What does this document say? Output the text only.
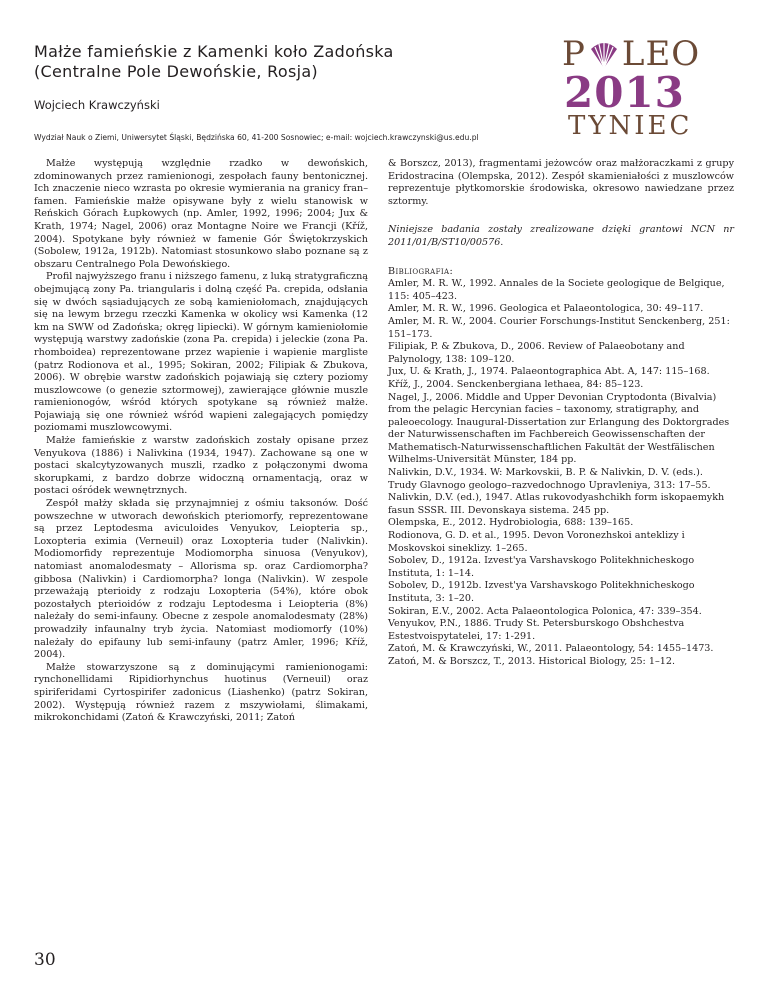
Małże famieńskie z Kamenki koło Zadońska
(Centralne Pole Dewońskie, Rosja)
Wojciech Krawczyński
Wydział Nauk o Ziemi, Uniwersytet Śląski, Będzińska 60, 41-200 Sosnowiec; e-mail: wojciech.krawczynski@us.edu.pl
P LEO
2013
TYNIEC

Małże występują względnie rzadko w dewońskich, zdominowanych przez ramienionogi, zespołach fauny bentonicznej. Ich znaczenie nieco wzrasta po okresie wymierania na granicy fran–famen. Famieńskie małże opisywane były z wielu stanowisk w Reńskich Górach Łupkowych (np. Amler, 1992, 1996; 2004; Jux & Krath, 1974; Nagel, 2006) oraz Montagne Noire we Francji (Kříž, 2004). Spotykane były również w famenie Gór Świętokrzyskich (Sobolew, 1912a, 1912b). Natomiast stosunkowo słabo poznane są z obszaru Centralnego Pola Dewońskiego.

Profil najwyższego franu i niższego famenu, z luką stratygraficzną obejmującą zony Pa. triangularis i dolną część Pa. crepida, odsłania się w dwóch sąsiadujących ze sobą kamieniołomach, znajdujących się na lewym brzegu rzeczki Kamenka w okolicy wsi Kamenka (12 km na SWW od Zadońska; okręg lipiecki). W górnym kamieniołomie występują warstwy zadońskie (zona Pa. crepida) i jeleckie (zona Pa. rhomboidea) reprezentowane przez wapienie i wapienie margliste (patrz Rodionova et al., 1995; Sokiran, 2002; Filipiak & Zbukova, 2006). W obrębie warstw zadońskich pojawiają się cztery poziomy muszlowcowe (o genezie sztormowej), zawierające głównie muszle ramienionogów, wśród których spotykane są również małże. Pojawiają się one również wśród wapieni zalegających pomiędzy poziomami muszlowcowymi.

Małże famieńskie z warstw zadońskich zostały opisane przez Venyukova (1886) i Nalivkina (1934, 1947). Zachowane są one w postaci skalcytyzowanych muszli, rzadko z połączonymi dwoma skorupkami, z bardzo dobrze widoczną ornamentacją, oraz w postaci ośródek wewnętrznych.

Zespół małży składa się przynajmniej z ośmiu taksonów. Dość powszechne w utworach dewońskich pteriomorfy, reprezentowane są przez Leptodesma aviculoides Venyukov, Leiopteria sp., Loxopteria eximia (Verneuil) oraz Loxopteria tuder (Nalivkin). Modiomorfidy reprezentuje Modiomorpha sinuosa (Venyukov), natomiast anomalodesmaty – Allorisma sp. oraz Cardiomorpha? gibbosa (Nalivkin) i Cardiomorpha? longa (Nalivkin). W zespole przeważają pterioidy z rodzaju Loxopteria (54%), które obok pozostałych pterioidów z rodzaju Leptodesma i Leiopteria (8%) należały do semi-infauny. Obecne z zespole anomalodesmaty (28%) prowadziły infaunalny tryb życia. Natomiast modiomorfy (10%) należały do epifauny lub semi-infauny (patrz Amler, 1996; Kříž, 2004).

Małże stowarzyszone są z dominującymi ramienionogami: rynchonellidami Ripidiorhynchus huotinus (Verneuil) oraz spiriferidami Cyrtospirifer zadonicus (Liashenko) (patrz Sokiran, 2002). Występują również razem z mszywiołami, ślimakami, mikrokonchidami (Zatoń & Krawczyński, 2011; Zatoń

& Borszcz, 2013), fragmentami jeżowców oraz małżoraczkami z grupy Eridostracina (Olempska, 2012). Zespół skamieniałości z muszlowców reprezentuje płytkomorskie środowiska, okresowo nawiedzane przez sztormy.

Niniejsze badania zostały zrealizowane dzięki grantowi NCN nr 2011/01/B/ST10/00576.

Bibliografia:
Amler, M. R. W., 1992. Annales de la Societe geologique de Belgique, 115: 405–423.
Amler, M. R. W., 1996. Geologica et Palaeontologica, 30: 49–117.
Amler, M. R. W., 2004. Courier Forschungs-Institut Senckenberg, 251: 151–173.
Filipiak, P. & Zbukova, D., 2006. Review of Palaeobotany and Palynology, 138: 109–120.
Jux, U. & Krath, J., 1974. Palaeontographica Abt. A, 147: 115–168.
Kříž, J., 2004. Senckenbergiana lethaea, 84: 85–123.
Nagel, J., 2006. Middle and Upper Devonian Cryptodonta (Bivalvia) from the pelagic Hercynian facies – taxonomy, stratigraphy, and paleoecology. Inaugural-Dissertation zur Erlangung des Doktorgrades der Naturwissenschaften im Fachbereich Geowissenschaften der Mathematisch-Naturwissenschaftlichen Fakultät der Westfälischen Wilhelms-Universität Münster, 184 pp.
Nalivkin, D.V., 1934. W: Markovskii, B. P. & Nalivkin, D. V. (eds.). Trudy Glavnogo geologo–razvedochnogo Upravleniya, 313: 17–55.
Nalivkin, D.V. (ed.), 1947. Atlas rukovodyashchikh form iskopaemykh fasun SSSR. III. Devonskaya sistema. 245 pp.
Olempska, E., 2012. Hydrobiologia, 688: 139–165.
Rodionova, G. D. et al., 1995. Devon Voronezhskoi anteklizy i Moskovskoi sineklizy. 1–265.
Sobolev, D., 1912a. Izvest'ya Varshavskogo Politekhnicheskogo Instituta, 1: 1–14.
Sobolev, D., 1912b. Izvest'ya Varshavskogo Politekhnicheskogo Instituta, 3: 1–20.
Sokiran, E.V., 2002. Acta Palaeontologica Polonica, 47: 339–354.
Venyukov, P.N., 1886. Trudy St. Petersburskogo Obshchestva Estestvoispytatelei, 17: 1-291.
Zatoń, M. & Krawczyński, W., 2011. Palaeontology, 54: 1455–1473.
Zatoń, M. & Borszcz, T., 2013. Historical Biology, 25: 1–12.
30
